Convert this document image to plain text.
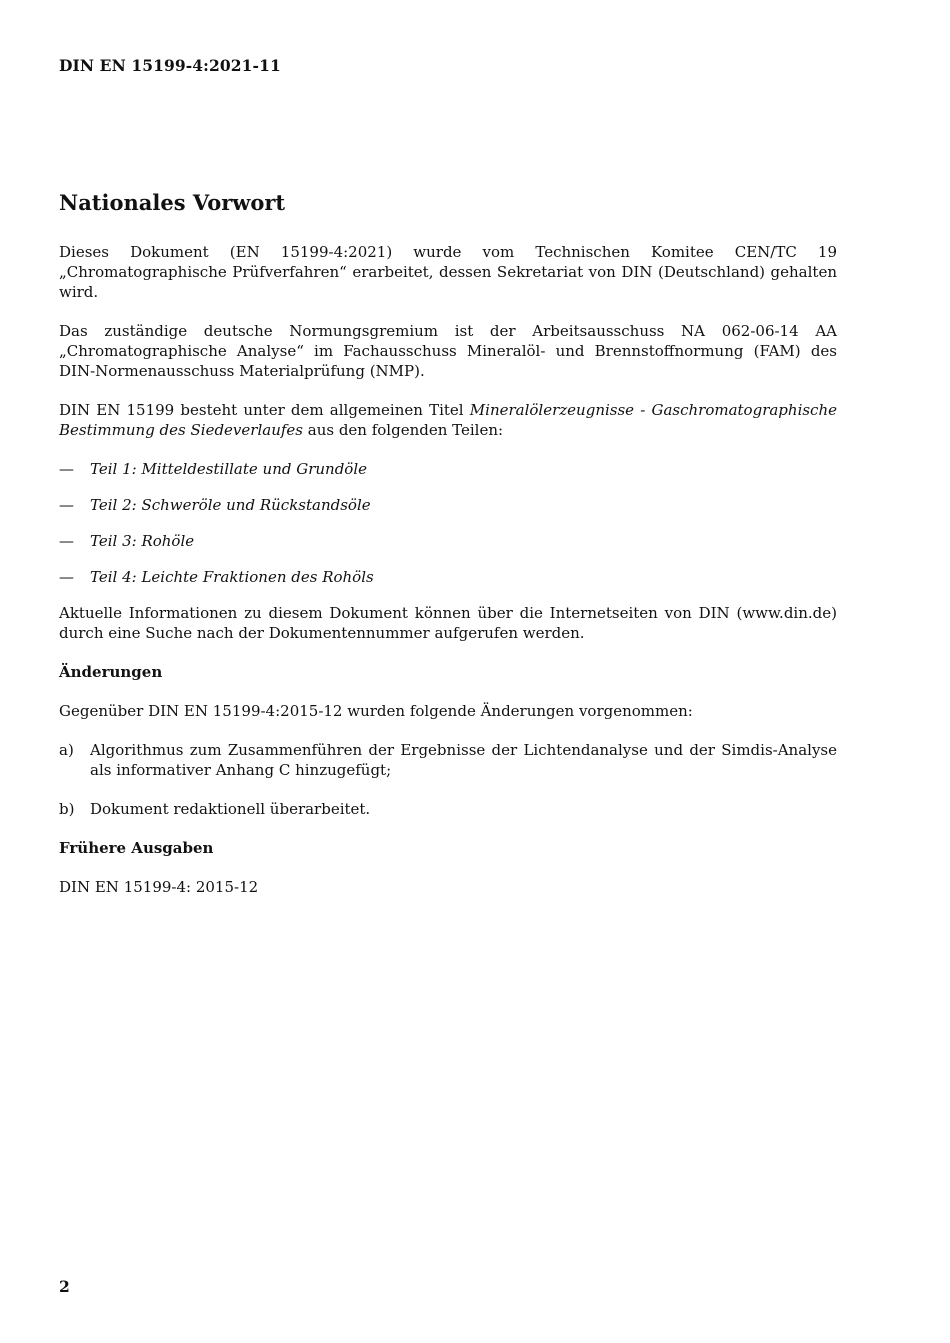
DIN EN 15199-4:2021-11
Nationales Vorwort

Dieses Dokument (EN 15199-4:2021) wurde vom Technischen Komitee CEN/TC 19 „Chromatographische Prüfverfahren“ erarbeitet, dessen Sekretariat von DIN (Deutschland) gehalten wird.

Das zuständige deutsche Normungsgremium ist der Arbeitsausschuss NA 062-06-14 AA
„Chromatographische Analyse“ im Fachausschuss Mineralöl- und Brennstoffnormung (FAM) des
DIN-Normenausschuss Materialprüfung (NMP).

DIN EN 15199 besteht unter dem allgemeinen Titel Mineralölerzeugnisse - Gaschromatographische Bestimmung des Siedeverlaufes aus den folgenden Teilen:

—	Teil 1: Mitteldestillate und Grundöle
—	Teil 2: Schweröle und Rückstandsöle
—	Teil 3: Rohöle
—	Teil 4: Leichte Fraktionen des Rohöls

Aktuelle Informationen zu diesem Dokument können über die Internetseiten von DIN (www.din.de) durch eine Suche nach der Dokumentennummer aufgerufen werden.

Änderungen

Gegenüber DIN EN 15199-4:2015-12 wurden folgende Änderungen vorgenommen:

a)	Algorithmus zum Zusammenführen der Ergebnisse der Lichtendanalyse und der Simdis-Analyse als informativer Anhang C hinzugefügt;
b)	Dokument redaktionell überarbeitet.
Frühere Ausgaben

DIN EN 15199-4: 2015-12

2
